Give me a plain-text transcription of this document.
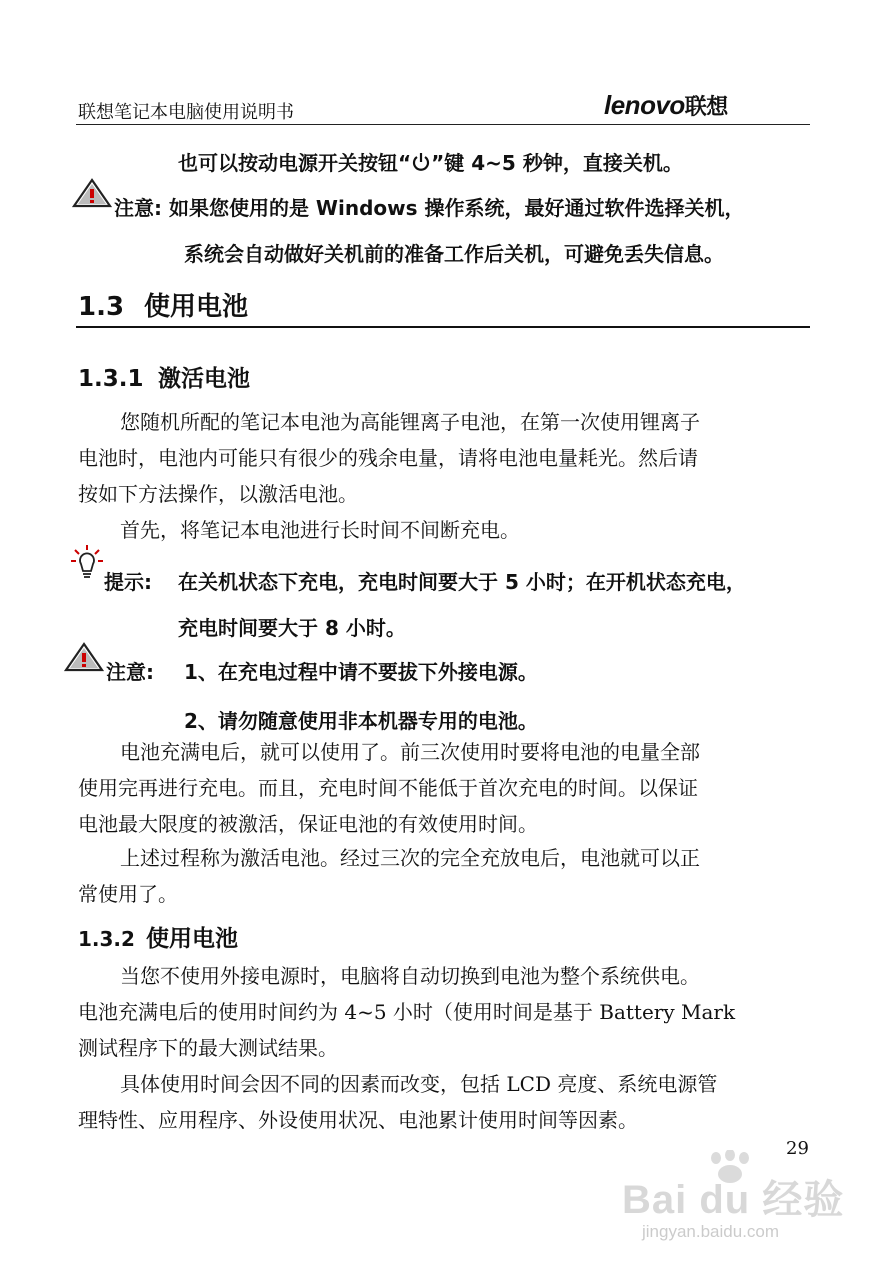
联想笔记本电脑使用说明书	lenovo联想
也可以按动电源开关按钮“ ”键 4~5 秒钟，直接关机。
注意: 如果您使用的是 Windows 操作系统，最好通过软件选择关机，
系统会自动做好关机前的准备工作后关机，可避免丢失信息。
1.3 使用电池
1.3.1 激活电池
您随机所配的笔记本电池为高能锂离子电池，在第一次使用锂离子
电池时，电池内可能只有很少的残余电量，请将电池电量耗光。然后请
按如下方法操作，以激活电池。
首先，将笔记本电池进行长时间不间断充电。
提示: 在关机状态下充电，充电时间要大于 5 小时；在开机状态充电，
充电时间要大于 8 小时。
注意: 1、在充电过程中请不要拔下外接电源。
2、请勿随意使用非本机器专用的电池。
电池充满电后，就可以使用了。前三次使用时要将电池的电量全部
使用完再进行充电。而且，充电时间不能低于首次充电的时间。以保证
电池最大限度的被激活，保证电池的有效使用时间。
上述过程称为激活电池。经过三次的完全充放电后，电池就可以正
常使用了。
1.3.2 使用电池
当您不使用外接电源时，电脑将自动切换到电池为整个系统供电。
电池充满电后的使用时间约为 4~5 小时（使用时间是基于 Battery Mark
测试程序下的最大测试结果。
具体使用时间会因不同的因素而改变，包括 LCD 亮度、系统电源管
理特性、应用程序、外设使用状况、电池累计使用时间等因素。
29
Bai du 经验
jingyan.baidu.com
